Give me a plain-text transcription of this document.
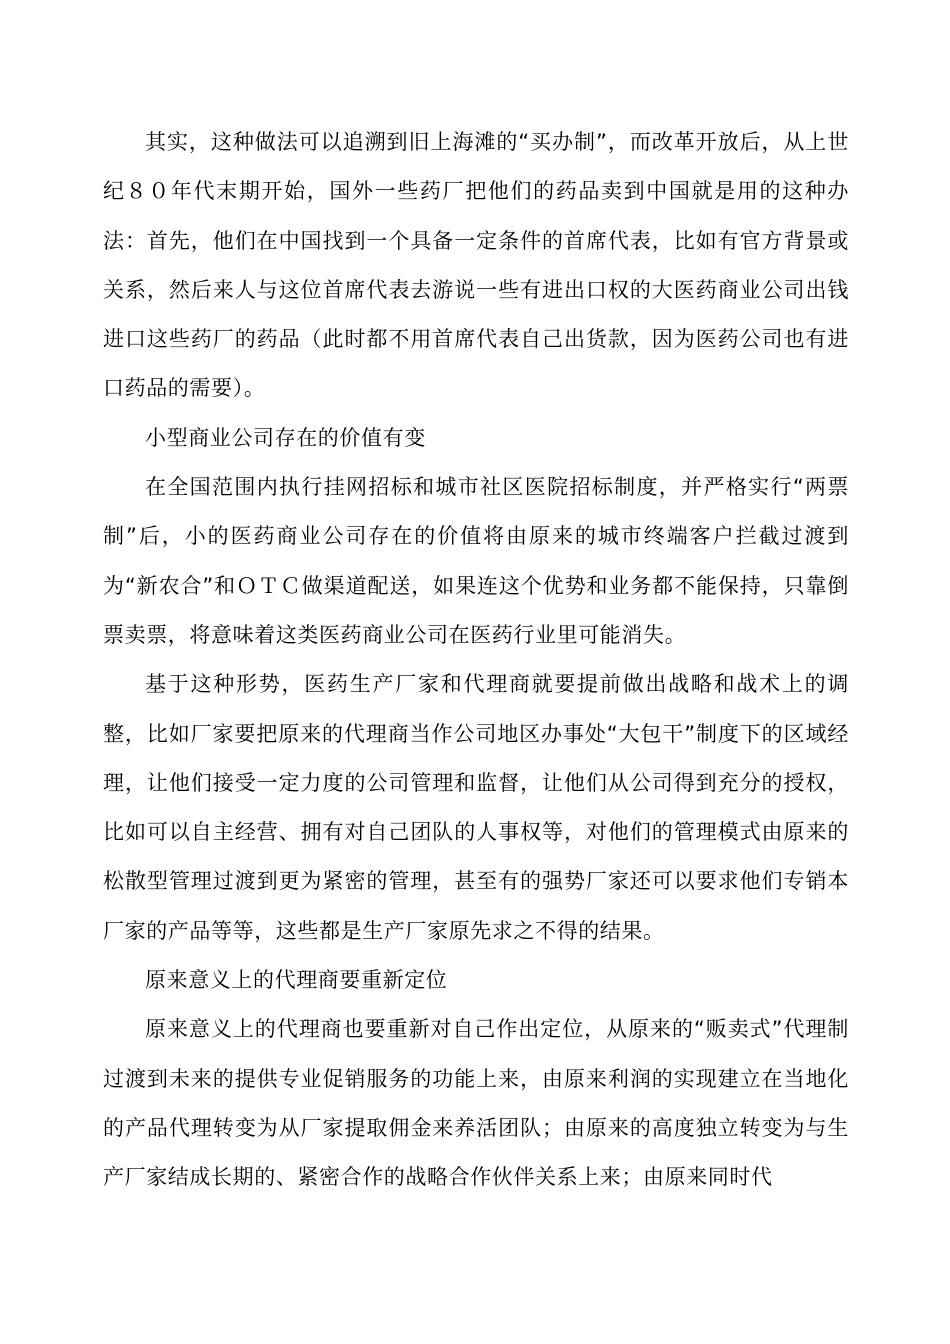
其实，这种做法可以追溯到旧上海滩的“买办制”，而改革开放后，从上世纪８０年代末期开始，国外一些药厂把他们的药品卖到中国就是用的这种办法：首先，他们在中国找到一个具备一定条件的首席代表，比如有官方背景或关系，然后来人与这位首席代表去游说一些有进出口权的大医药商业公司出钱进口这些药厂的药品（此时都不用首席代表自己出货款，因为医药公司也有进口药品的需要）。

小型商业公司存在的价值有变

在全国范围内执行挂网招标和城市社区医院招标制度，并严格实行“两票制”后，小的医药商业公司存在的价值将由原来的城市终端客户拦截过渡到为“新农合”和ＯＴＣ做渠道配送，如果连这个优势和业务都不能保持，只靠倒票卖票，将意味着这类医药商业公司在医药行业里可能消失。

基于这种形势，医药生产厂家和代理商就要提前做出战略和战术上的调整，比如厂家要把原来的代理商当作公司地区办事处“大包干”制度下的区域经理，让他们接受一定力度的公司管理和监督，让他们从公司得到充分的授权，比如可以自主经营、拥有对自己团队的人事权等，对他们的管理模式由原来的松散型管理过渡到更为紧密的管理，甚至有的强势厂家还可以要求他们专销本厂家的产品等等，这些都是生产厂家原先求之不得的结果。

原来意义上的代理商要重新定位

原来意义上的代理商也要重新对自己作出定位，从原来的“贩卖式”代理制过渡到未来的提供专业促销服务的功能上来，由原来利润的实现建立在当地化的产品代理转变为从厂家提取佣金来养活团队；由原来的高度独立转变为与生产厂家结成长期的、紧密合作的战略合作伙伴关系上来；由原来同时代
